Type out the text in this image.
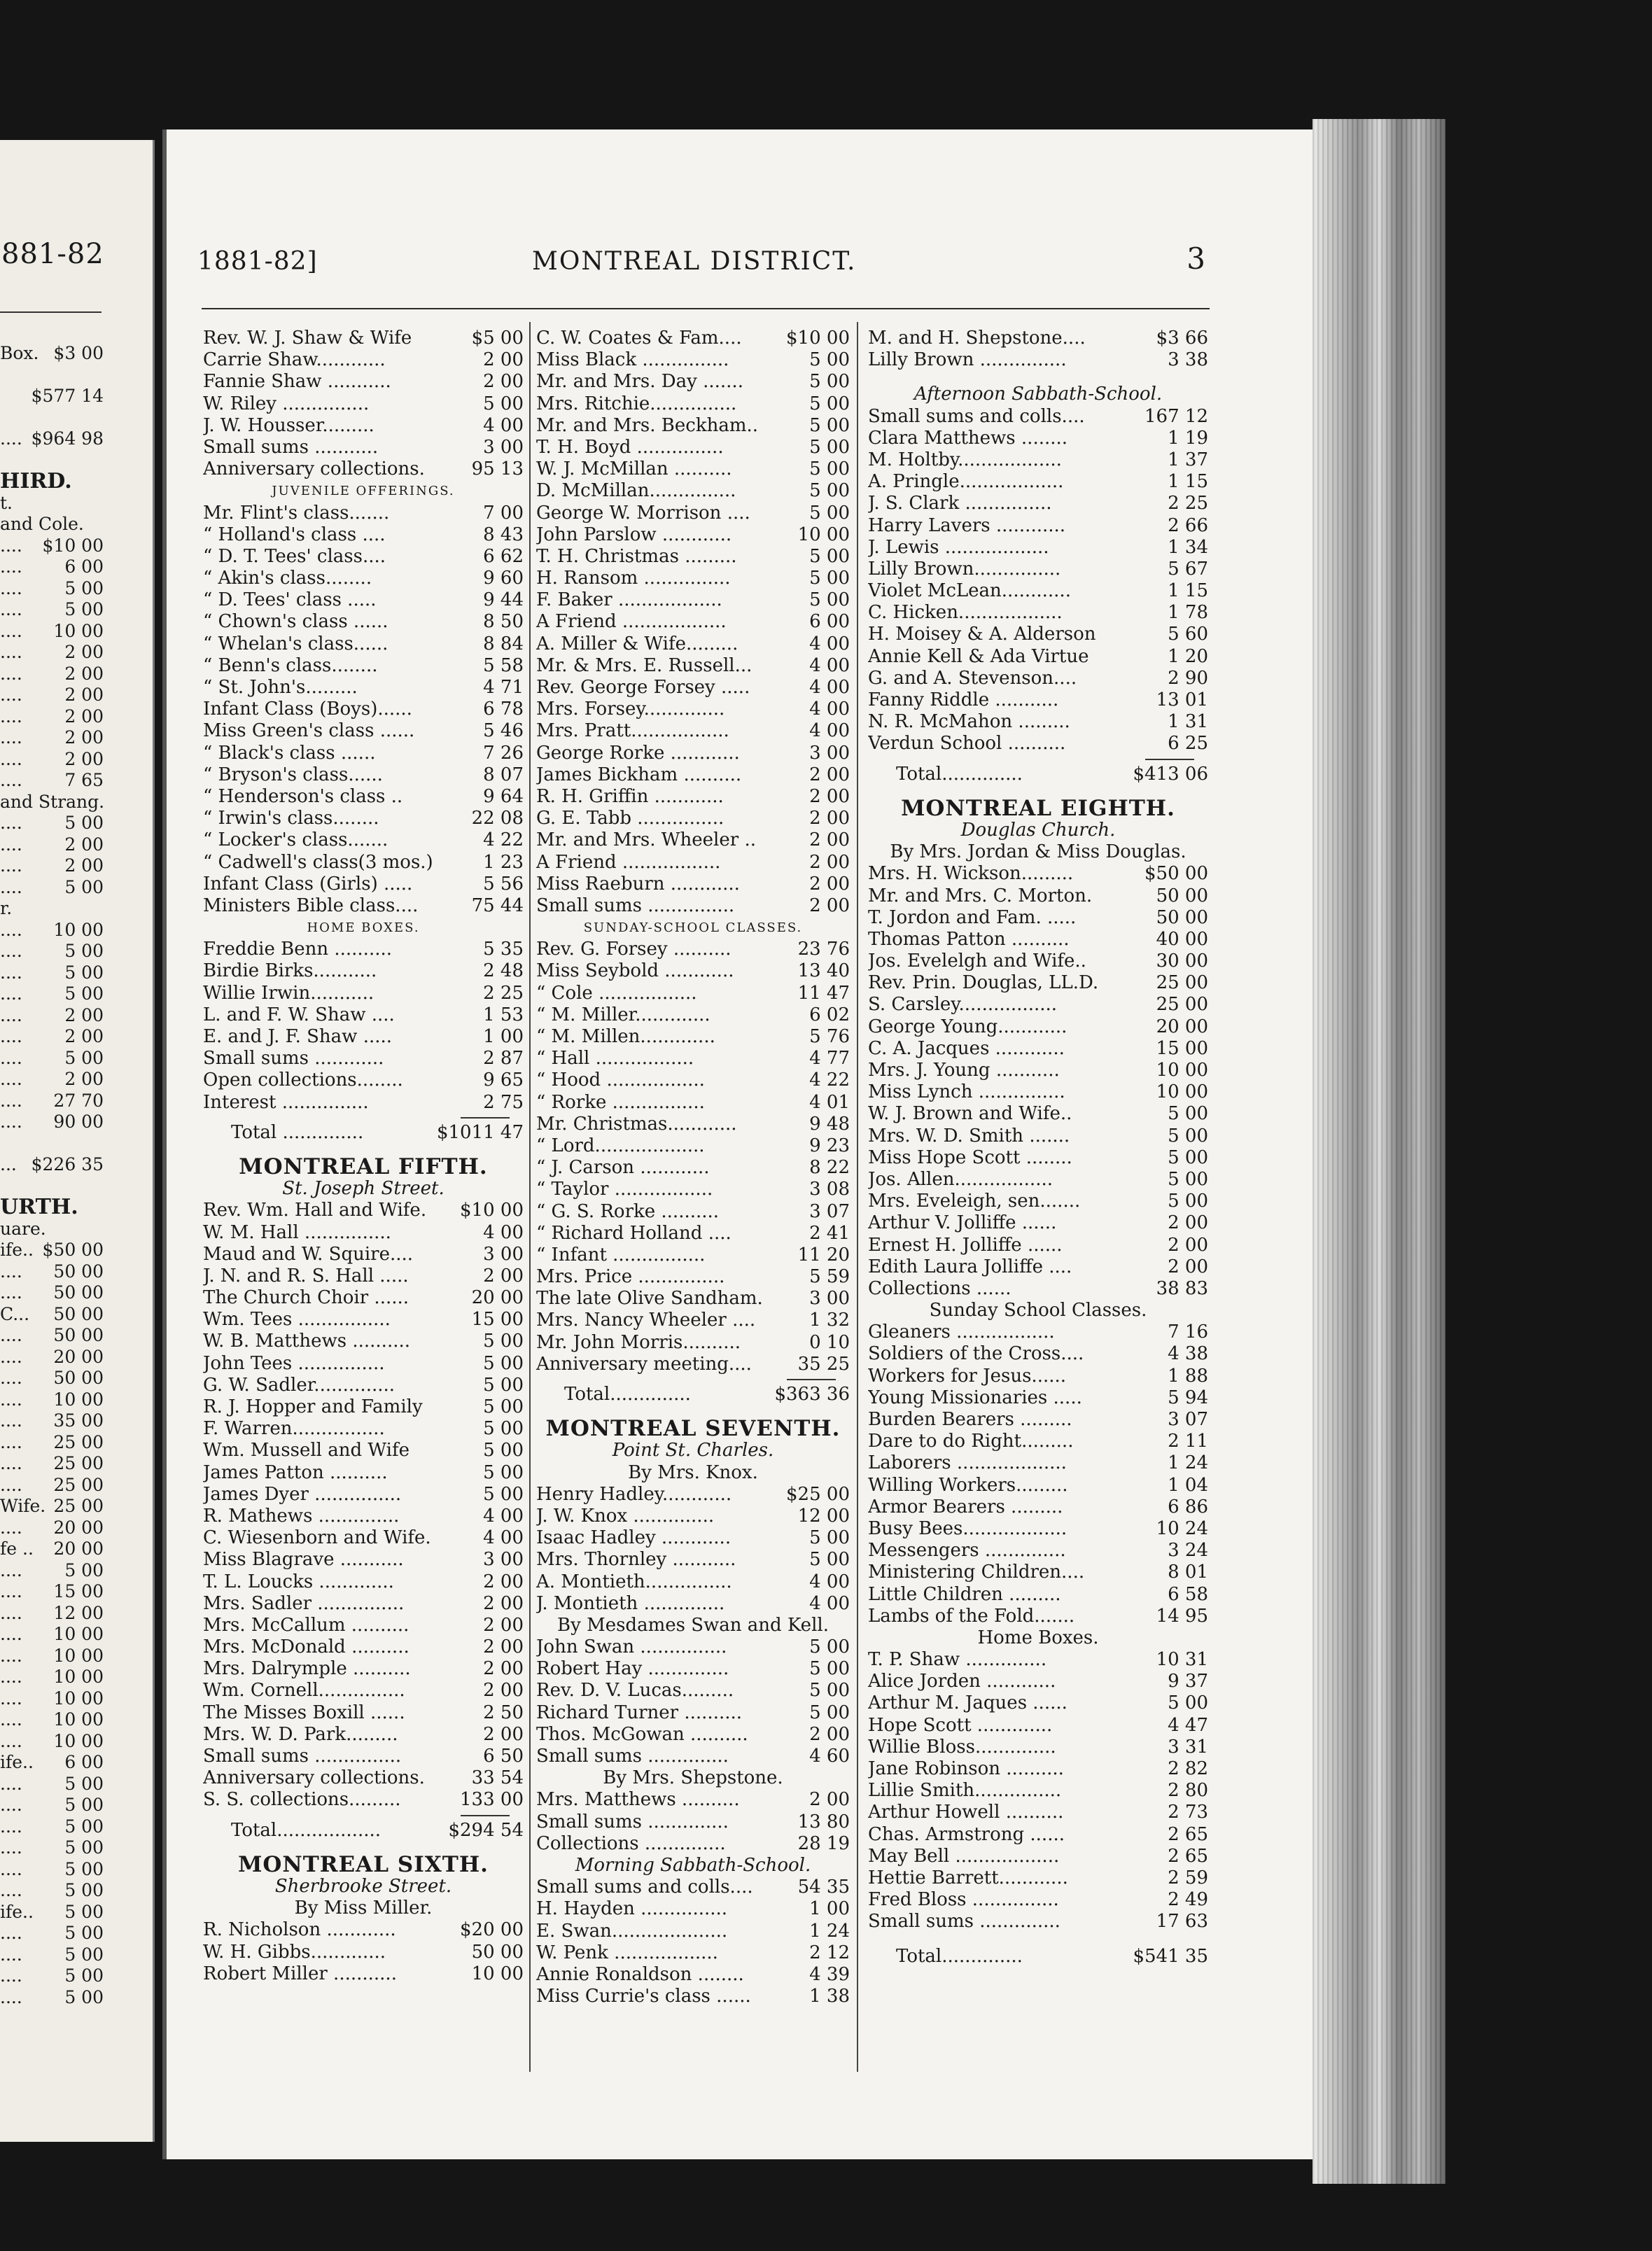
881-82
Box. $3 00
$577 14
.... $964 98
HIRD.
t.
and Cole.
.... $10 00
.... 6 00
.... 5 00
.... 5 00
.... 10 00
.... 2 00
.... 2 00
.... 2 00
.... 2 00
.... 2 00
.... 2 00
.... 7 65
and Strang.
.... 5 00
.... 2 00
.... 2 00
.... 5 00
r.
.... 10 00
.... 5 00
.... 5 00
.... 5 00
.... 2 00
.... 2 00
.... 5 00
.... 2 00
.... 27 70
.... 90 00
... $226 35
URTH.
uare.
ife.. $50 00
.... 50 00
.... 50 00
C... 50 00
.... 50 00
.... 20 00
.... 50 00
.... 10 00
.... 35 00
.... 25 00
.... 25 00
.... 25 00
Wife. 25 00
.... 20 00
fe .. 20 00
.... 5 00
.... 15 00
.... 12 00
.... 10 00
.... 10 00
.... 10 00
.... 10 00
.... 10 00
.... 10 00
ife.. 6 00
.... 5 00
.... 5 00
.... 5 00
.... 5 00
.... 5 00
.... 5 00
ife.. 5 00
.... 5 00
.... 5 00
.... 5 00
.... 5 00
1881-82]	MONTREAL DISTRICT.	3
Rev. W. J. Shaw & Wife	$5 00
Carrie Shaw............	2 00
Fannie Shaw ...........	2 00
W. Riley ...............	5 00
J. W. Housser.........	4 00
Small sums ...........	3 00
Anniversary collections.	95 13
JUVENILE OFFERINGS.
Mr. Flint's class.......	7 00
“ Holland's class ....	8 43
“ D. T. Tees' class....	6 62
“ Akin's class........	9 60
“ D. Tees' class .....	9 44
“ Chown's class ......	8 50
“ Whelan's class......	8 84
“ Benn's class........	5 58
“ St. John's.........	4 71
Infant Class (Boys)......	6 78
Miss Green's class ......	5 46
“ Black's class ......	7 26
“ Bryson's class......	8 07
“ Henderson's class ..	9 64
“ Irwin's class........	22 08
“ Locker's class.......	4 22
“ Cadwell's class(3 mos.)	1 23
Infant Class (Girls) .....	5 56
Ministers Bible class....	75 44
HOME BOXES.
Freddie Benn ..........	5 35
Birdie Birks...........	2 48
Willie Irwin...........	2 25
L. and F. W. Shaw ....	1 53
E. and J. F. Shaw .....	1 00
Small sums ............	2 87
Open collections........	9 65
Interest ...............	2 75
Total ..............	$1011 47
MONTREAL FIFTH.
St. Joseph Street.
Rev. Wm. Hall and Wife.	$10 00
W. M. Hall ...............	4 00
Maud and W. Squire....	3 00
J. N. and R. S. Hall .....	2 00
The Church Choir ......	20 00
Wm. Tees ................	15 00
W. B. Matthews ..........	5 00
John Tees ...............	5 00
G. W. Sadler..............	5 00
R. J. Hopper and Family	5 00
F. Warren................	5 00
Wm. Mussell and Wife	5 00
James Patton ..........	5 00
James Dyer ...............	5 00
R. Mathews ..............	4 00
C. Wiesenborn and Wife.	4 00
Miss Blagrave ...........	3 00
T. L. Loucks .............	2 00
Mrs. Sadler ...............	2 00
Mrs. McCallum ..........	2 00
Mrs. McDonald ..........	2 00
Mrs. Dalrymple ..........	2 00
Wm. Cornell...............	2 00
The Misses Boxill ......	2 50
Mrs. W. D. Park.........	2 00
Small sums ...............	6 50
Anniversary collections.	33 54
S. S. collections.........	133 00
Total..................	$294 54
MONTREAL SIXTH.
Sherbrooke Street.
By Miss Miller.
R. Nicholson ............	$20 00
W. H. Gibbs.............	50 00
Robert Miller ...........	10 00
C. W. Coates & Fam....	$10 00
Miss Black ...............	5 00
Mr. and Mrs. Day .......	5 00
Mrs. Ritchie...............	5 00
Mr. and Mrs. Beckham..	5 00
T. H. Boyd ...............	5 00
W. J. McMillan ..........	5 00
D. McMillan...............	5 00
George W. Morrison ....	5 00
John Parslow ............	10 00
T. H. Christmas .........	5 00
H. Ransom ...............	5 00
F. Baker ..................	5 00
A Friend ..................	6 00
A. Miller & Wife.........	4 00
Mr. & Mrs. E. Russell...	4 00
Rev. George Forsey .....	4 00
Mrs. Forsey..............	4 00
Mrs. Pratt.................	4 00
George Rorke ............	3 00
James Bickham ..........	2 00
R. H. Griffin ............	2 00
G. E. Tabb ...............	2 00
Mr. and Mrs. Wheeler ..	2 00
A Friend .................	2 00
Miss Raeburn ............	2 00
Small sums ...............	2 00
SUNDAY-SCHOOL CLASSES.
Rev. G. Forsey ..........	23 76
Miss Seybold ............	13 40
“ Cole .................	11 47
“ M. Miller.............	6 02
“ M. Millen.............	5 76
“ Hall .................	4 77
“ Hood .................	4 22
“ Rorke ................	4 01
Mr. Christmas............	9 48
“ Lord...................	9 23
“ J. Carson ............	8 22
“ Taylor .................	3 08
“ G. S. Rorke ..........	3 07
“ Richard Holland ....	2 41
“ Infant ................	11 20
Mrs. Price ...............	5 59
The late Olive Sandham.	3 00
Mrs. Nancy Wheeler ....	1 32
Mr. John Morris..........	0 10
Anniversary meeting....	35 25
Total..............	$363 36
MONTREAL SEVENTH.
Point St. Charles.
By Mrs. Knox.
Henry Hadley............	$25 00
J. W. Knox ..............	12 00
Isaac Hadley ............	5 00
Mrs. Thornley ...........	5 00
A. Montieth...............	4 00
J. Montieth ..............	4 00
By Mesdames Swan and Kell.
John Swan ...............	5 00
Robert Hay ..............	5 00
Rev. D. V. Lucas.........	5 00
Richard Turner ..........	5 00
Thos. McGowan ..........	2 00
Small sums ..............	4 60
By Mrs. Shepstone.
Mrs. Matthews ..........	2 00
Small sums ..............	13 80
Collections ..............	28 19
Morning Sabbath-School.
Small sums and colls....	54 35
H. Hayden ...............	1 00
E. Swan....................	1 24
W. Penk ..................	2 12
Annie Ronaldson ........	4 39
Miss Currie's class ......	1 38
M. and H. Shepstone....	$3 66
Lilly Brown ...............	3 38
Afternoon Sabbath-School.
Small sums and colls....	167 12
Clara Matthews ........	1 19
M. Holtby..................	1 37
A. Pringle..................	1 15
J. S. Clark ...............	2 25
Harry Lavers ............	2 66
J. Lewis ..................	1 34
Lilly Brown...............	5 67
Violet McLean............	1 15
C. Hicken..................	1 78
H. Moisey & A. Alderson	5 60
Annie Kell & Ada Virtue	1 20
G. and A. Stevenson....	2 90
Fanny Riddle ...........	13 01
N. R. McMahon .........	1 31
Verdun School ..........	6 25
Total..............	$413 06
MONTREAL EIGHTH.
Douglas Church.
By Mrs. Jordan & Miss Douglas.
Mrs. H. Wickson.........	$50 00
Mr. and Mrs. C. Morton.	50 00
T. Jordon and Fam. .....	50 00
Thomas Patton ..........	40 00
Jos. Evelelgh and Wife..	30 00
Rev. Prin. Douglas, LL.D.	25 00
S. Carsley.................	25 00
George Young............	20 00
C. A. Jacques ............	15 00
Mrs. J. Young ...........	10 00
Miss Lynch ...............	10 00
W. J. Brown and Wife..	5 00
Mrs. W. D. Smith .......	5 00
Miss Hope Scott ........	5 00
Jos. Allen.................	5 00
Mrs. Eveleigh, sen.......	5 00
Arthur V. Jolliffe ......	2 00
Ernest H. Jolliffe ......	2 00
Edith Laura Jolliffe ....	2 00
Collections ......	38 83
Sunday School Classes.
Gleaners .................	7 16
Soldiers of the Cross....	4 38
Workers for Jesus......	1 88
Young Missionaries .....	5 94
Burden Bearers .........	3 07
Dare to do Right.........	2 11
Laborers ...................	1 24
Willing Workers.........	1 04
Armor Bearers .........	6 86
Busy Bees..................	10 24
Messengers ..............	3 24
Ministering Children....	8 01
Little Children .........	6 58
Lambs of the Fold.......	14 95
Home Boxes.
T. P. Shaw ..............	10 31
Alice Jorden ............	9 37
Arthur M. Jaques ......	5 00
Hope Scott .............	4 47
Willie Bloss..............	3 31
Jane Robinson ..........	2 82
Lillie Smith...............	2 80
Arthur Howell ..........	2 73
Chas. Armstrong ......	2 65
May Bell ..................	2 65
Hettie Barrett............	2 59
Fred Bloss ...............	2 49
Small sums ..............	17 63
Total..............	$541 35
